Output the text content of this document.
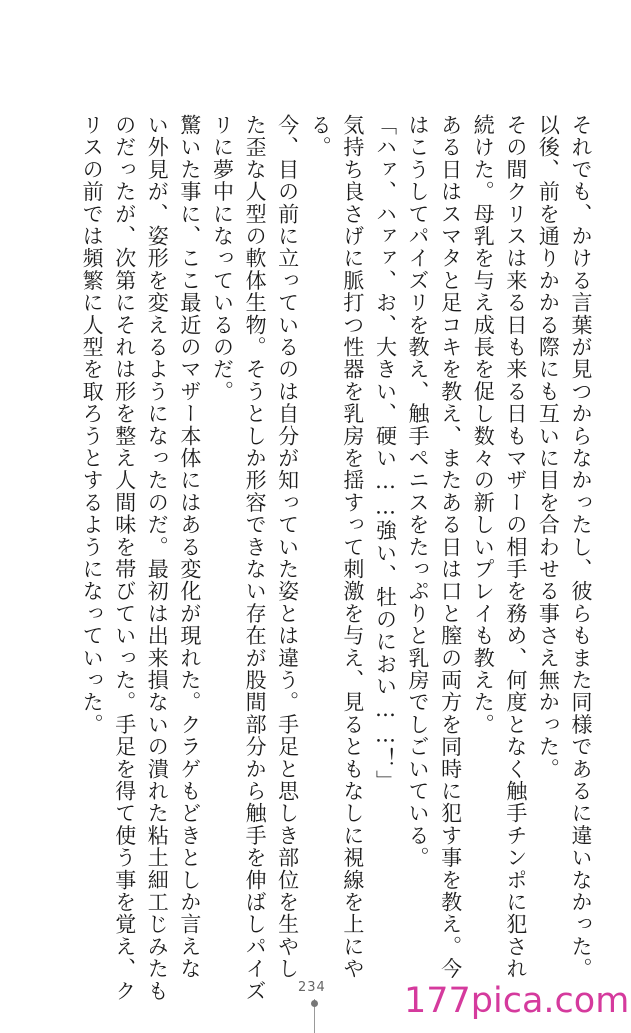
それでも、かける言葉が見つからなかったし、彼らもまた同様であるに違いなかった。
以後、前を通りかかる際にも互いに目を合わせる事さえ無かった。
その間クリスは来る日も来る日もマザーの相手を務め、何度となく触手チンポに犯され
続けた。母乳を与え成長を促し数々の新しいプレイも教えた。
ある日はスマタと足コキを教え、またある日は口と膣の両方を同時に犯す事を教え。今
はこうしてパイズリを教え、触手ペニスをたっぷりと乳房でしごいている。
「ハァ、ハァァ、お、大きい、硬い……強い、牡のにおい……！」
気持ち良さげに脈打つ性器を乳房を揺すって刺激を与え、見るともなしに視線を上にや
る。
今、目の前に立っているのは自分が知っていた姿とは違う。手足と思しき部位を生やし
た歪な人型の軟体生物。そうとしか形容できない存在が股間部分から触手を伸ばしパイズ
リに夢中になっているのだ。
驚いた事に、ここ最近のマザー本体にはある変化が現れた。クラゲもどきとしか言えな
い外見が、姿形を変えるようになったのだ。最初は出来損ないの潰れた粘土細工じみたも
のだったが、次第にそれは形を整え人間味を帯びていった。手足を得て使う事を覚え、ク
リスの前では頻繁に人型を取ろうとするようになっていった。
234 177pica.com
